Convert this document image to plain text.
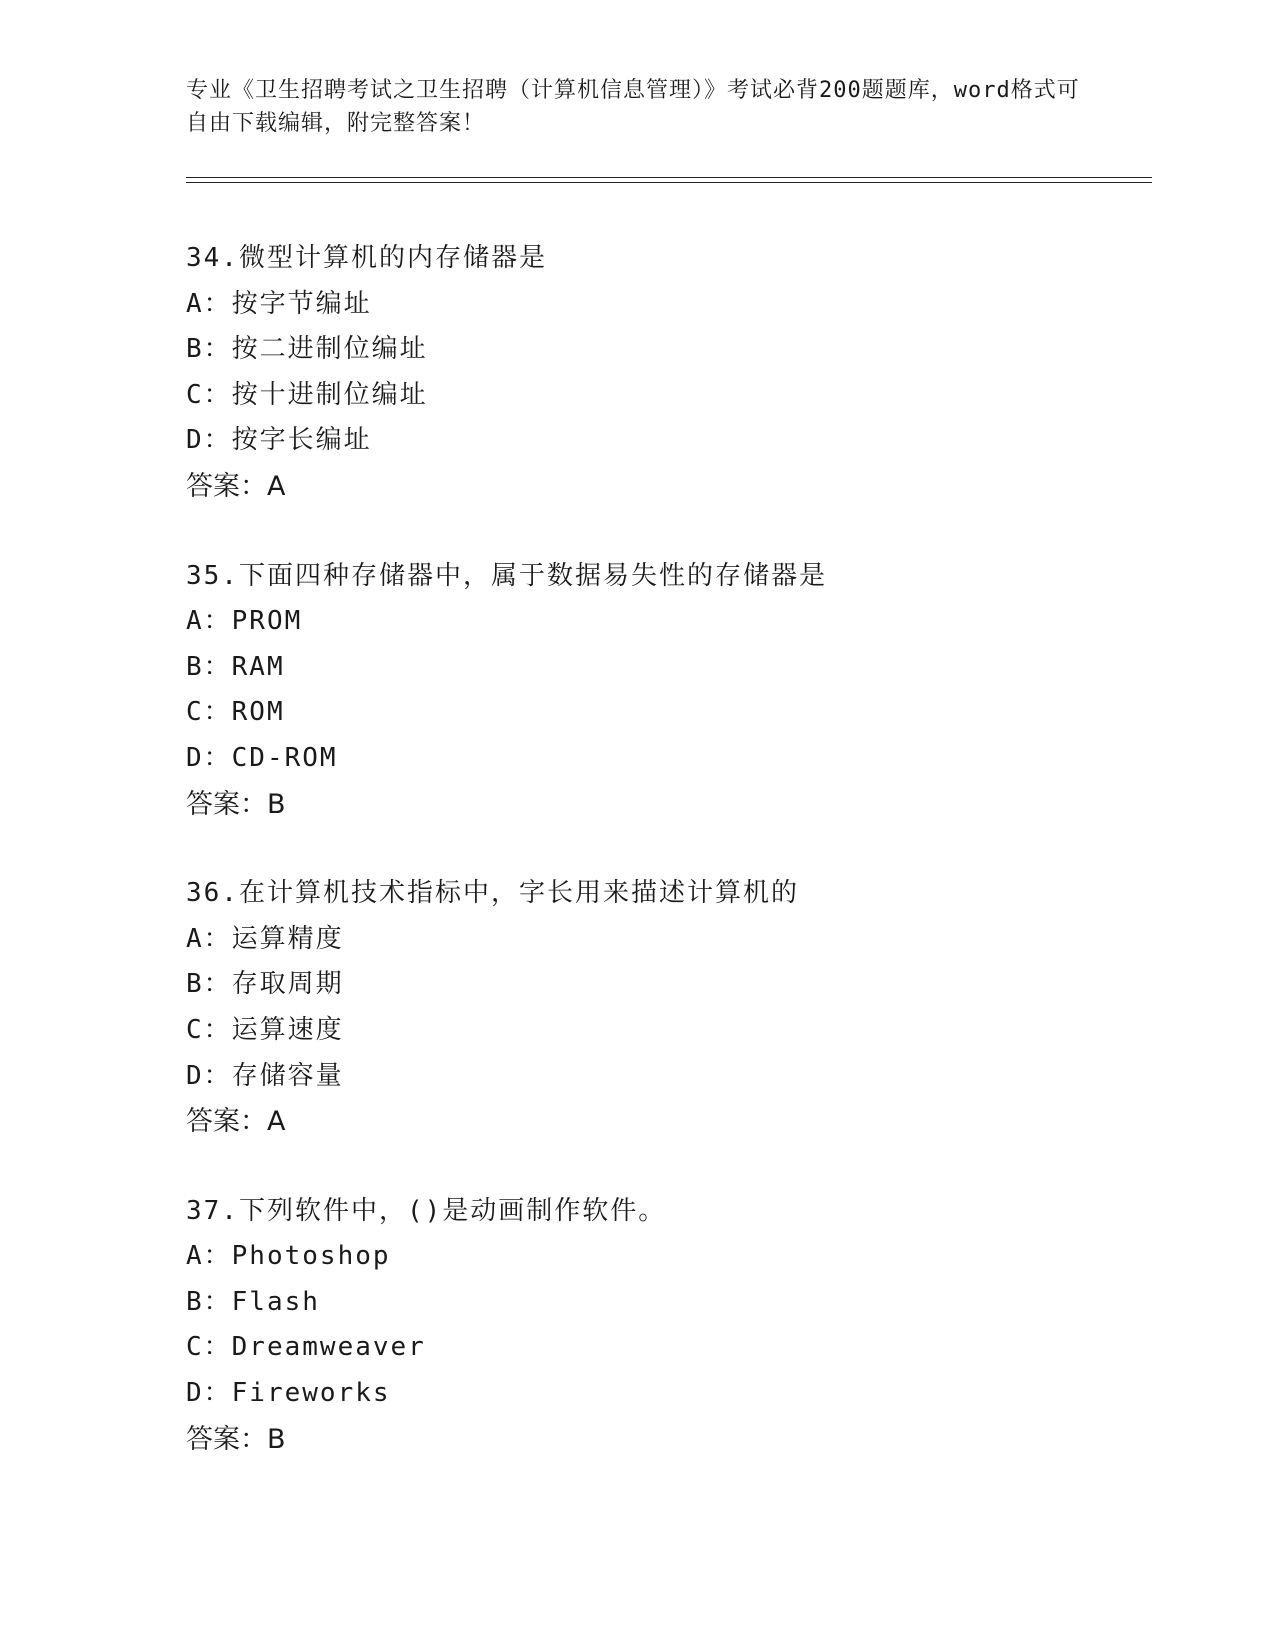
专业《卫生招聘考试之卫生招聘（计算机信息管理）》考试必背200题题库，word格式可自由下载编辑，附完整答案！
34.微型计算机的内存储器是
A：按字节编址
B：按二进制位编址
C：按十进制位编址
D：按字长编址
答案：A
35.下面四种存储器中，属于数据易失性的存储器是
A：PROM
B：RAM
C：ROM
D：CD-ROM
答案：B
36.在计算机技术指标中，字长用来描述计算机的
A：运算精度
B：存取周期
C：运算速度
D：存储容量
答案：A
37.下列软件中，()是动画制作软件。
A：Photoshop
B：Flash
C：Dreamweaver
D：Fireworks
答案：B
